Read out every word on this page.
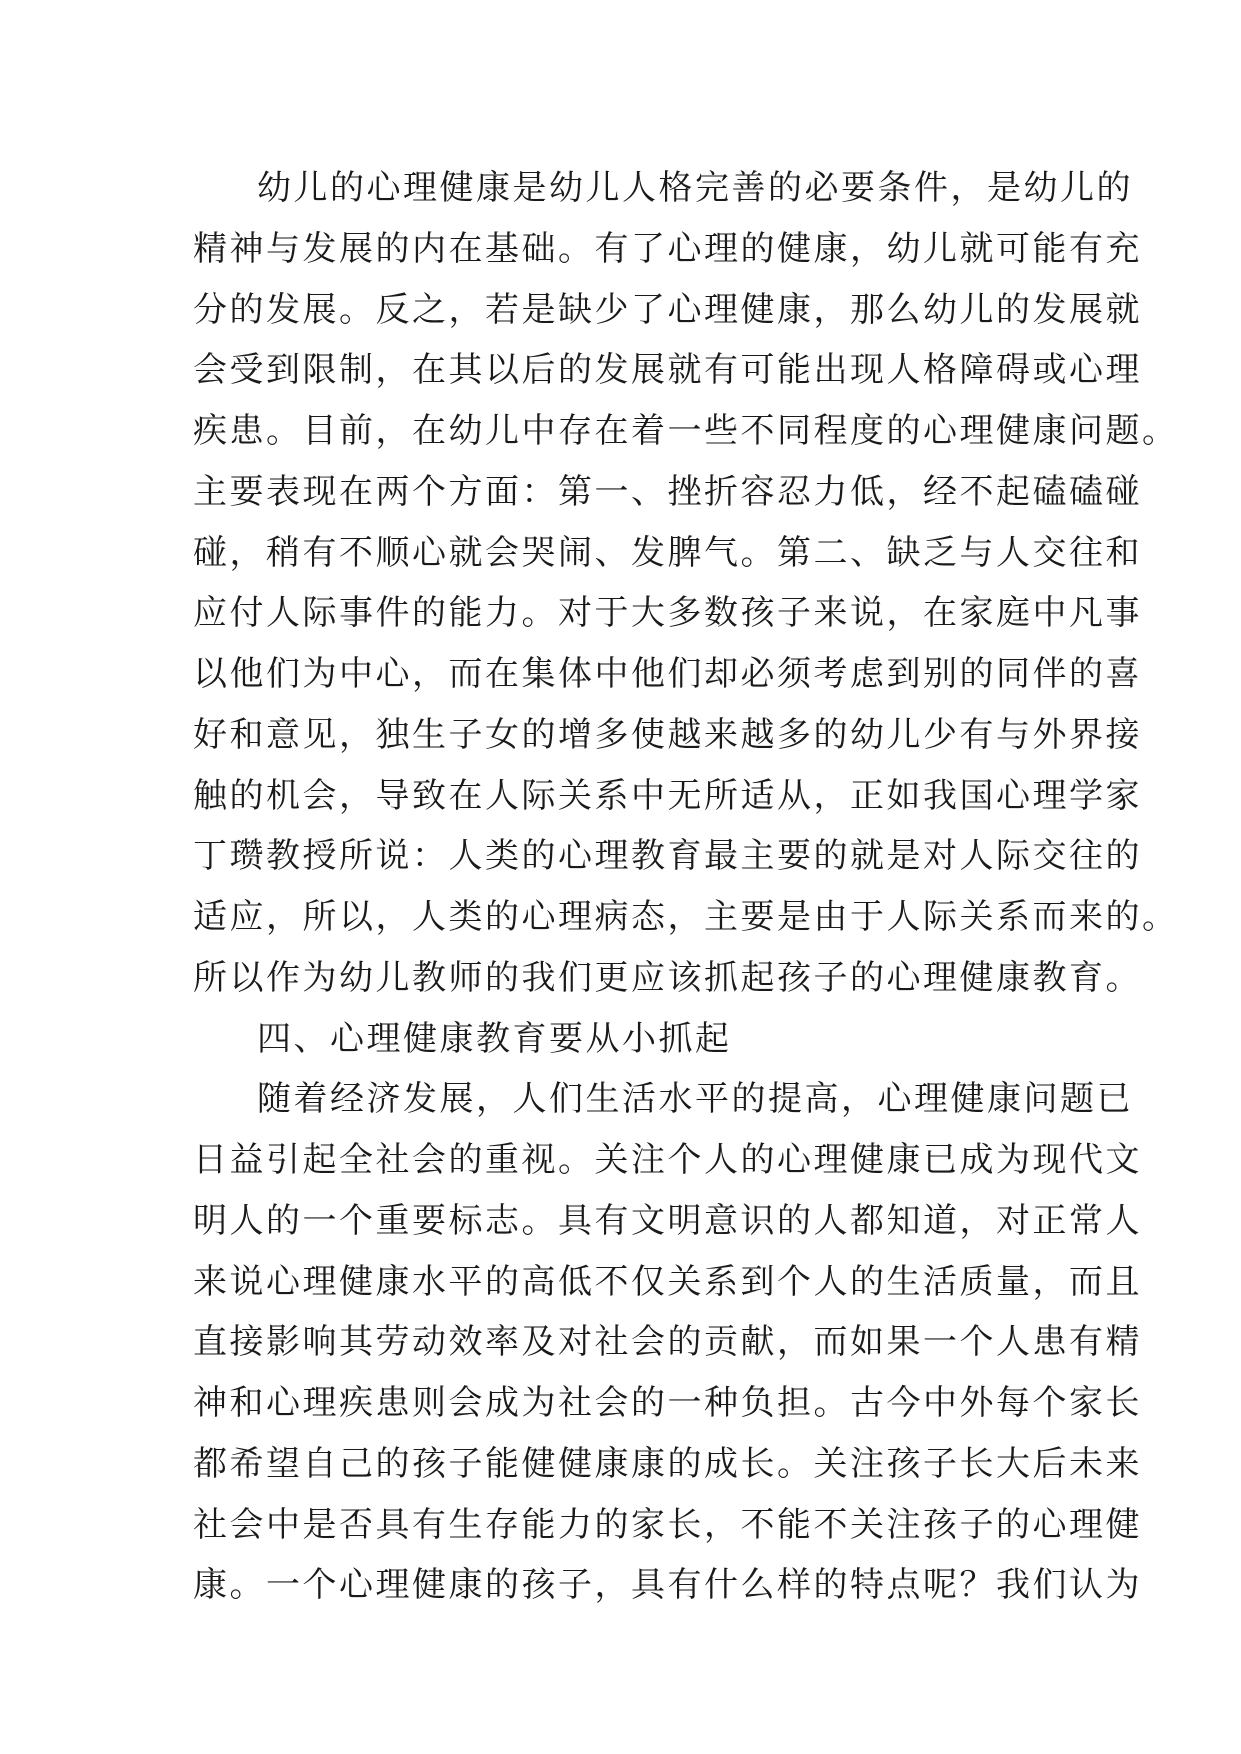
幼儿的心理健康是幼儿人格完善的必要条件，是幼儿的
精神与发展的内在基础。有了心理的健康，幼儿就可能有充
分的发展。反之，若是缺少了心理健康，那么幼儿的发展就
会受到限制，在其以后的发展就有可能出现人格障碍或心理
疾患。目前，在幼儿中存在着一些不同程度的心理健康问题。
主要表现在两个方面：第一、挫折容忍力低，经不起磕磕碰
碰，稍有不顺心就会哭闹、发脾气。第二、缺乏与人交往和
应付人际事件的能力。对于大多数孩子来说，在家庭中凡事
以他们为中心，而在集体中他们却必须考虑到别的同伴的喜
好和意见，独生子女的增多使越来越多的幼儿少有与外界接
触的机会，导致在人际关系中无所适从，正如我国心理学家
丁瓒教授所说：人类的心理教育最主要的就是对人际交往的
适应，所以，人类的心理病态，主要是由于人际关系而来的。
所以作为幼儿教师的我们更应该抓起孩子的心理健康教育。
四、心理健康教育要从小抓起
随着经济发展，人们生活水平的提高，心理健康问题已
日益引起全社会的重视。关注个人的心理健康已成为现代文
明人的一个重要标志。具有文明意识的人都知道，对正常人
来说心理健康水平的高低不仅关系到个人的生活质量，而且
直接影响其劳动效率及对社会的贡献，而如果一个人患有精
神和心理疾患则会成为社会的一种负担。古今中外每个家长
都希望自己的孩子能健健康康的成长。关注孩子长大后未来
社会中是否具有生存能力的家长，不能不关注孩子的心理健
康。一个心理健康的孩子，具有什么样的特点呢？我们认为
